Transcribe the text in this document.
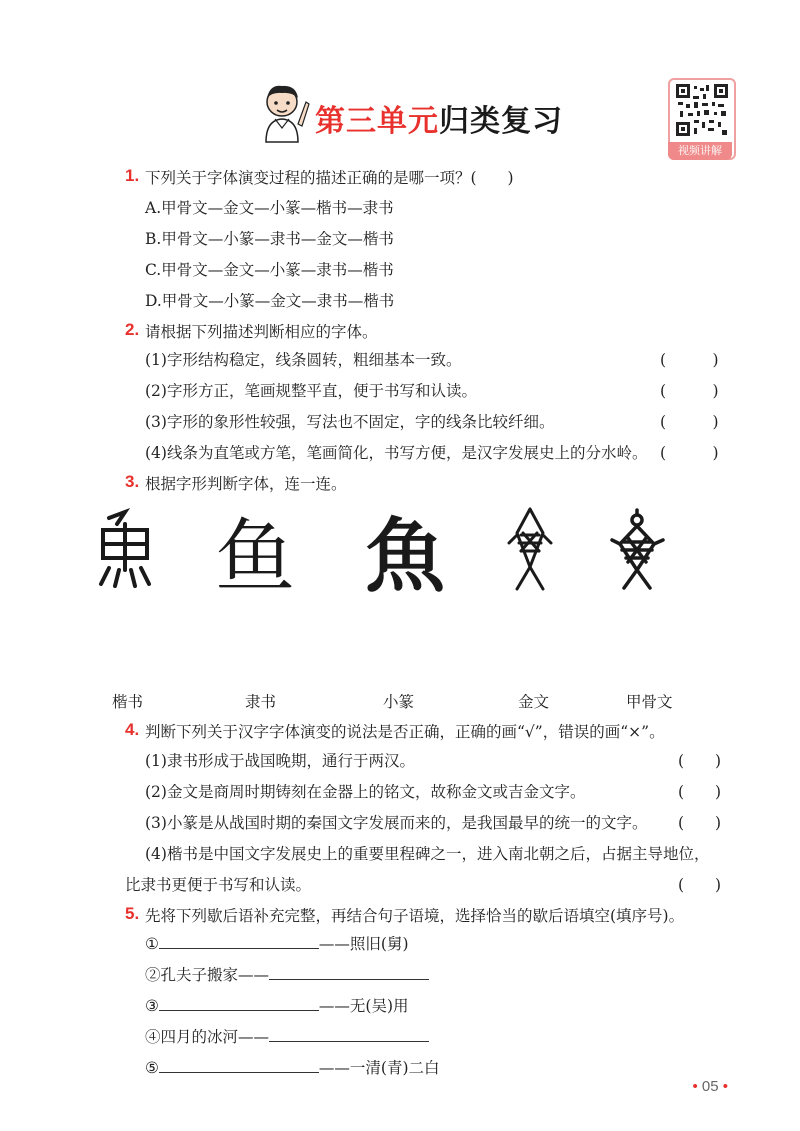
第三单元归类复习
视频讲解
1. 下列关于字体演变过程的描述正确的是哪一项？(　　)
A.甲骨文—金文—小篆—楷书—隶书
B.甲骨文—小篆—隶书—金文—楷书
C.甲骨文—金文—小篆—隶书—楷书
D.甲骨文—小篆—金文—隶书—楷书
2. 请根据下列描述判断相应的字体。
(1)字形结构稳定，线条圆转，粗细基本一致。	(　　　)
(2)字形方正，笔画规整平直，便于书写和认读。	(　　　)
(3)字形的象形性较强，写法也不固定，字的线条比较纤细。	(　　　)
(4)线条为直笔或方笔，笔画简化，书写方便，是汉字发展史上的分水岭。 (　　　)
3. 根据字形判断字体，连一连。
鱼 魚
楷书	隶书	小篆	金文	甲骨文
4. 判断下列关于汉字字体演变的说法是否正确，正确的画“√”，错误的画“×”。
(1)隶书形成于战国晚期，通行于两汉。	(　　)
(2)金文是商周时期铸刻在金器上的铭文，故称金文或吉金文字。	(　　)
(3)小篆是从战国时期的秦国文字发展而来的，是我国最早的统一的文字。 (　　)
(4)楷书是中国文字发展史上的重要里程碑之一，进入南北朝之后，占据主导地位，
比隶书更便于书写和认读。	(　　)
5. 先将下列歇后语补充完整，再结合句子语境，选择恰当的歇后语填空(填序号)。
①	——照旧(舅)
②孔夫子搬家——
③	——无(吴)用
④四月的冰河——
⑤	——一清(青)二白
• 05 •
